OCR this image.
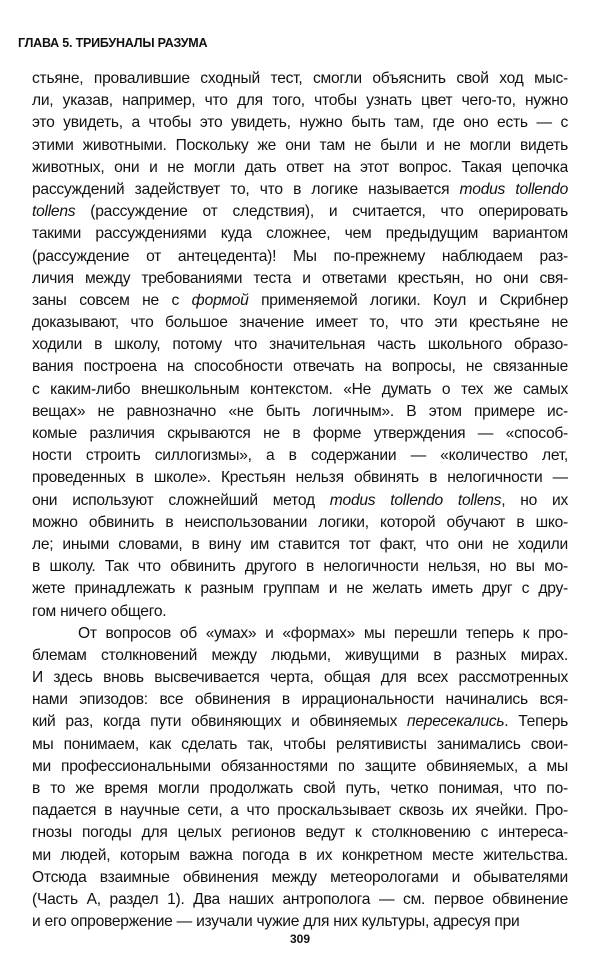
ГЛАВА 5. ТРИБУНАЛЫ РАЗУМА
стьяне, провалившие сходный тест, смогли объяснить свой ход мыс-
ли, указав, например, что для того, чтобы узнать цвет чего-то, нужно
это увидеть, а чтобы это увидеть, нужно быть там, где оно есть — с
этими животными. Поскольку же они там не были и не могли видеть
животных, они и не могли дать ответ на этот вопрос. Такая цепочка
рассуждений задействует то, что в логике называется modus tollendo
tollens (рассуждение от следствия), и считается, что оперировать
такими рассуждениями куда сложнее, чем предыдущим вариантом
(рассуждение от антецедента)! Мы по-прежнему наблюдаем раз-
личия между требованиями теста и ответами крестьян, но они свя-
заны совсем не с формой применяемой логики. Коул и Скрибнер
доказывают, что большое значение имеет то, что эти крестьяне не
ходили в школу, потому что значительная часть школьного образо-
вания построена на способности отвечать на вопросы, не связанные
с каким-либо внешкольным контекстом. «Не думать о тех же самых
вещах» не равнозначно «не быть логичным». В этом примере ис-
комые различия скрываются не в форме утверждения — «способ-
ности строить силлогизмы», а в содержании — «количество лет,
проведенных в школе». Крестьян нельзя обвинять в нелогичности —
они используют сложнейший метод modus tollendo tollens, но их
можно обвинить в неиспользовании логики, которой обучают в шко-
ле; иными словами, в вину им ставится тот факт, что они не ходили
в школу. Так что обвинить другого в нелогичности нельзя, но вы мо-
жете принадлежать к разным группам и не желать иметь друг с дру-
гом ничего общего.
От вопросов об «умах» и «формах» мы перешли теперь к про-
блемам столкновений между людьми, живущими в разных мирах.
И здесь вновь высвечивается черта, общая для всех рассмотренных
нами эпизодов: все обвинения в иррациональности начинались вся-
кий раз, когда пути обвиняющих и обвиняемых пересекались. Теперь
мы понимаем, как сделать так, чтобы релятивисты занимались свои-
ми профессиональными обязанностями по защите обвиняемых, а мы
в то же время могли продолжать свой путь, четко понимая, что по-
падается в научные сети, а что проскальзывает сквозь их ячейки. Про-
гнозы погоды для целых регионов ведут к столкновению с интереса-
ми людей, которым важна погода в их конкретном месте жительства.
Отсюда взаимные обвинения между метеорологами и обывателями
(Часть А, раздел 1). Два наших антрополога — см. первое обвинение
и его опровержение — изучали чужие для них культуры, адресуя при
309
